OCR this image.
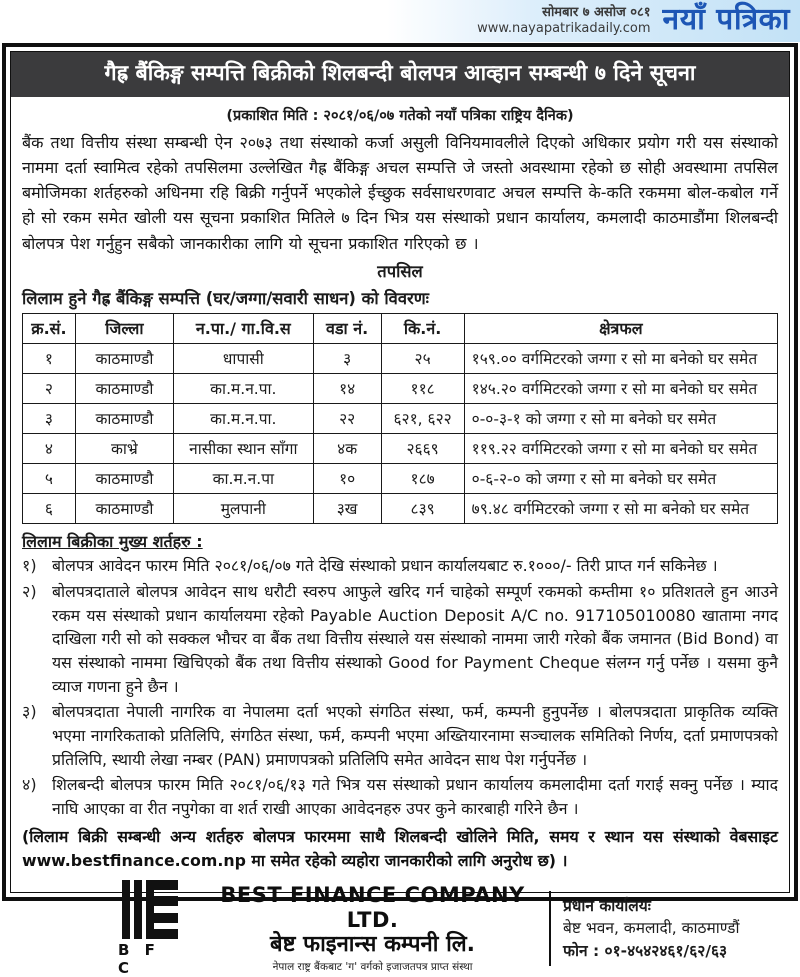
सोमबार ७ असोज ०८१
www.nayapatrikadaily.com नयाँ पत्रिका
गैह्र बैंकिङ्ग सम्पत्ति बिक्रीको शिलबन्दी बोलपत्र आव्हान सम्बन्धी ७ दिने सूचना
(प्रकाशित मिति : २०८१/०६/०७ गतेको नयाँ पत्रिका राष्ट्रिय दैनिक)

बैंक तथा वित्तीय संस्था सम्बन्धी ऐन २०७३ तथा संस्थाको कर्जा असुली विनियमावलीले दिएको अधिकार प्रयोग गरी यस संस्थाको नाममा दर्ता स्वामित्व रहेको तपसिलमा उल्लेखित गैह्र बैंकिङ्ग अचल सम्पत्ति जे जस्तो अवस्थामा रहेको छ सोही अवस्थामा तपसिल बमोजिमका शर्तहरुको अधिनमा रहि बिक्री गर्नुपर्ने भएकोले ईच्छुक सर्वसाधरणवाट अचल सम्पत्ति के-कति रकममा बोल-कबोल गर्ने हो सो रकम समेत खोली यस सूचना प्रकाशित मितिले ७ दिन भित्र यस संस्थाको प्रधान कार्यालय, कमलादी काठमाडौंमा शिलबन्दी बोलपत्र पेश गर्नुहुन सबैको जानकारीका लागि यो सूचना प्रकाशित गरिएको छ ।

तपसिल
लिलाम हुने गैह्र बैंकिङ्ग सम्पत्ति (घर/जग्गा/सवारी साधन) को विवरणः
क्र.सं.	जिल्ला	न.पा./ गा.वि.स	वडा नं.	कि.नं.	क्षेत्रफल
१	काठमाण्डौ	धापासी	३	२५	१५९.०० वर्गमिटरको जग्गा र सो मा बनेको घर समेत
२	काठमाण्डौ	का.म.न.पा.	१४	११८	१४५.२० वर्गमिटरको जग्गा र सो मा बनेको घर समेत
३	काठमाण्डौ	का.म.न.पा.	२२	६२१, ६२२	०-०-३-१ को जग्गा र सो मा बनेको घर समेत
४	काभ्रे	नासीका स्थान साँगा	४क	२६६९	११९.२२ वर्गमिटरको जग्गा र सो मा बनेको घर समेत
५	काठमाण्डौ	का.म.न.पा	१०	१८७	०-६-२-० को जग्गा र सो मा बनेको घर समेत
६	काठमाण्डौ	मुलपानी	३ख	८३९	७९.४८ वर्गमिटरको जग्गा र सो मा बनेको घर समेत
लिलाम बिक्रीका मुख्य शर्तहरु :
१) बोलपत्र आवेदन फारम मिति २०८१/०६/०७ गते देखि संस्थाको प्रधान कार्यालयबाट रु.१०००/- तिरी प्राप्त गर्न सकिनेछ ।
२) बोलपत्रदाताले बोलपत्र आवेदन साथ धरौटी स्वरुप आफुले खरिद गर्न चाहेको सम्पूर्ण रकमको कम्तीमा १० प्रतिशतले हुन आउने रकम यस संस्थाको प्रधान कार्यालयमा रहेको Payable Auction Deposit A/C no. 917105010080 खातामा नगद दाखिला गरी सो को सक्कल भौचर वा बैंक तथा वित्तीय संस्थाले यस संस्थाको नाममा जारी गरेको बैंक जमानत (Bid Bond) वा यस संस्थाको नाममा खिचिएको बैंक तथा वित्तीय संस्थाको Good for Payment Cheque संलग्न गर्नु पर्नेछ । यसमा कुनै व्याज गणना हुने छैन ।
३) बोलपत्रदाता नेपाली नागरिक वा नेपालमा दर्ता भएको संगठित संस्था, फर्म, कम्पनी हुनुपर्नेछ । बोलपत्रदाता प्राकृतिक व्यक्ति भएमा नागरिकताको प्रतिलिपि, संगठित संस्था, फर्म, कम्पनी भएमा अख्तियारनामा सञ्चालक समितिको निर्णय, दर्ता प्रमाणपत्रको प्रतिलिपि, स्थायी लेखा नम्बर (PAN) प्रमाणपत्रको प्रतिलिपि समेत आवेदन साथ पेश गर्नुपर्नेछ ।
४) शिलबन्दी बोलपत्र फारम मिति २०८१/०६/१३ गते भित्र यस संस्थाको प्रधान कार्यालय कमलादीमा दर्ता गराई सक्नु पर्नेछ । म्याद नाघि आएका वा रीत नपुगेका वा शर्त राखी आएका आवेदनहरु उपर कुने कारबाही गरिने छैन ।
(लिलाम बिक्री सम्बन्धी अन्य शर्तहरु बोलपत्र फारममा साथै शिलबन्दी खोलिने मिति, समय र स्थान यस संस्थाको वेबसाइट www.bestfinance.com.np मा समेत रहेको व्यहोरा जानकारीको लागि अनुरोध छ) ।
B F C
BEST FINANCE COMPANY LTD.
बेष्ट फाइनान्स कम्पनी लि.
नेपाल राष्ट्र बैंकबाट 'ग' वर्गको इजाजतपत्र प्राप्त संस्था
प्रधान कार्यालयः
बेष्ट भवन, कमलादी, काठमाण्डौं
फोन : ०१-४५४२४६१/६२/६३
